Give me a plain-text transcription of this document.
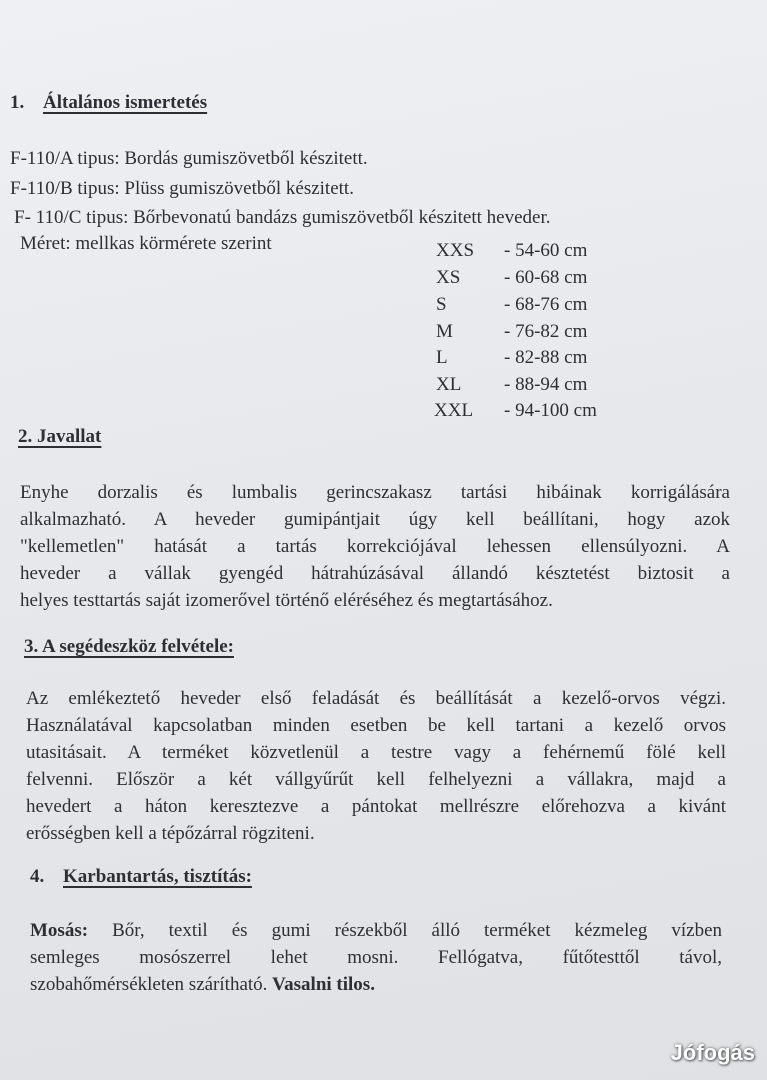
1. Általános ismertetés
F-110/A tipus: Bordás gumiszövetből készitett.
F-110/B tipus: Plüss gumiszövetből készitett.
F- 110/C tipus: Bőrbevonatú bandázs gumiszövetből készitett heveder.
Méret: mellkas körmérete szerint	XXS - 54-60 cm
XS - 60-68 cm
S	- 68-76 cm
M	- 76-82 cm
L	- 82-88 cm
XL - 88-94 cm
XXL - 94-100 cm
2. Javallat

Enyhe dorzalis és lumbalis gerincszakasz tartási hibáinak korrigálására

alkalmazható. A heveder gumipántjait úgy kell beállítani, hogy azok

"kellemetlen" hatását a tartás korrekciójával lehessen ellensúlyozni. A

heveder a vállak gyengéd hátrahúzásával állandó késztetést biztosit a

helyes testtartás saját izomerővel történő eléréséhez és megtartásához.

3. A segédeszköz felvétele:

Az emlékeztető heveder első feladását és beállítását a kezelő-orvos végzi.

Használatával kapcsolatban minden esetben be kell tartani a kezelő orvos

utasitásait. A terméket közvetlenül a testre vagy a fehérnemű fölé kell

felvenni. Először a két vállgyűrűt kell felhelyezni a vállakra, majd a

hevedert a háton keresztezve a pántokat mellrészre előrehozva a kivánt

erősségben kell a tépőzárral rögziteni.

4. Karbantartás, tisztítás:

Mosás: Bőr, textil és gumi részekből álló terméket kézmeleg vízben

semleges mosószerrel lehet mosni. Fellógatva, fűtőtesttől távol,

szobahőmérsékleten szárítható. Vasalni tilos.

Jófogás
